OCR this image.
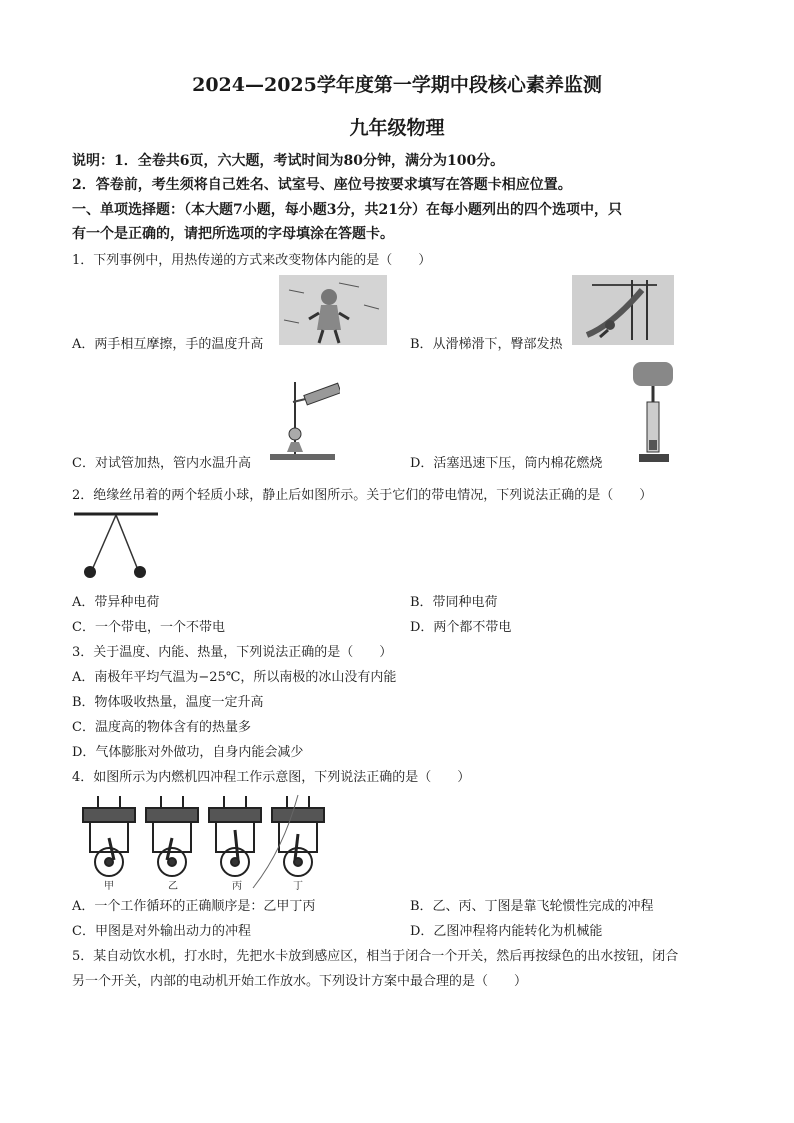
2024—2025学年度第一学期中段核心素养监测
九年级物理
说明：1．全卷共6页，六大题，考试时间为80分钟，满分为100分。
2．答卷前，考生须将自己姓名、试室号、座位号按要求填写在答题卡相应位置。
一、单项选择题：（本大题7小题，每小题3分，共21分）在每小题列出的四个选项中，只
有一个是正确的，请把所选项的字母填涂在答题卡。
1．下列事例中，用热传递的方式来改变物体内能的是（　　）
A．两手相互摩擦，手的温度升高	B．从滑梯滑下，臀部发热
C．对试管加热，管内水温升高	D．活塞迅速下压，筒内棉花燃烧
2．绝缘丝吊着的两个轻质小球，静止后如图所示。关于它们的带电情况，下列说法正确的是（　　）
A．带异种电荷	B．带同种电荷
C．一个带电，一个不带电	D．两个都不带电
3．关于温度、内能、热量，下列说法正确的是（　　）
A．南极年平均气温为−25℃，所以南极的冰山没有内能
B．物体吸收热量，温度一定升高
C．温度高的物体含有的热量多
D．气体膨胀对外做功，自身内能会减少
4．如图所示为内燃机四冲程工作示意图，下列说法正确的是（　　）
甲	乙	丙	丁
A．一个工作循环的正确顺序是：乙甲丁丙	B．乙、丙、丁图是靠飞轮惯性完成的冲程
C．甲图是对外输出动力的冲程	D．乙图冲程将内能转化为机械能
5．某自动饮水机，打水时，先把水卡放到感应区，相当于闭合一个开关，然后再按绿色的出水按钮，闭合
另一个开关，内部的电动机开始工作放水。下列设计方案中最合理的是（　　）
